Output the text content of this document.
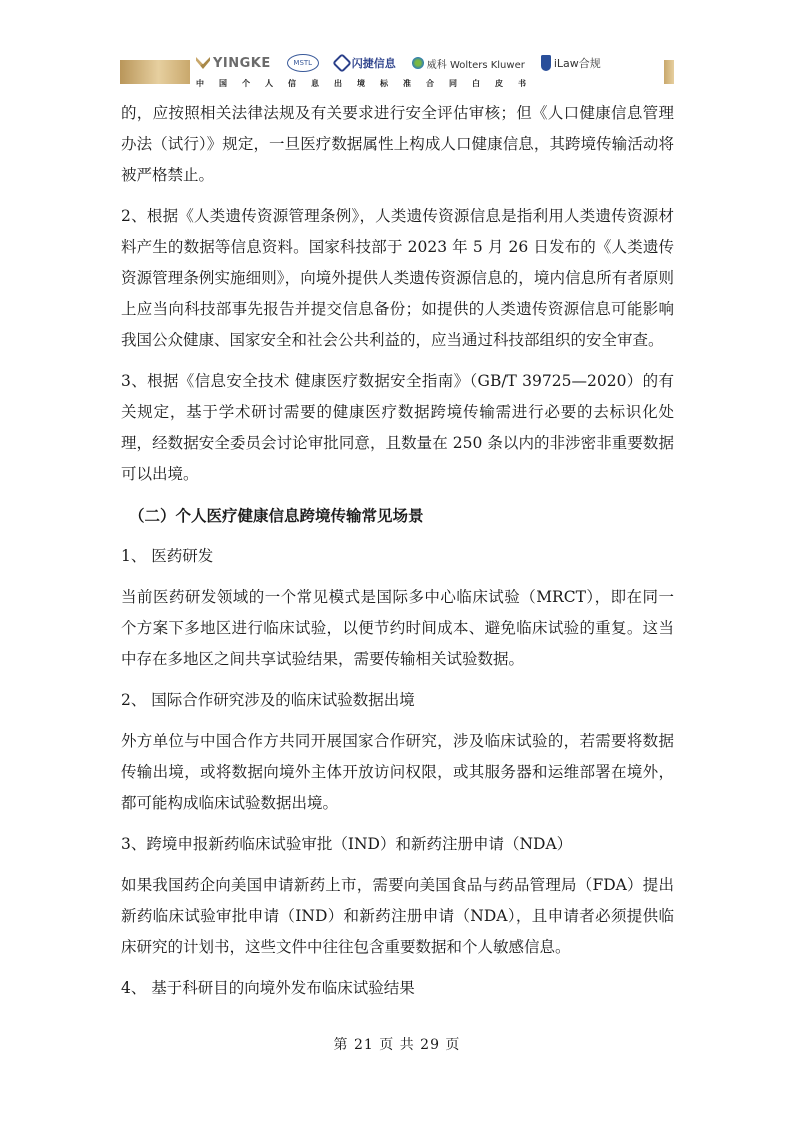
YINGKE	MSTL	闪捷信息	威科 Wolters Kluwer	iLaw合规
中国个人信息出境标准合同白皮书

的，应按照相关法律法规及有关要求进行安全评估审核；但《人口健康信息管理办法（试行）》规定，一旦医疗数据属性上构成人口健康信息，其跨境传输活动将被严格禁止。

2、根据《人类遗传资源管理条例》，人类遗传资源信息是指利用人类遗传资源材料产生的数据等信息资料。国家科技部于 2023 年 5 月 26 日发布的《人类遗传资源管理条例实施细则》，向境外提供人类遗传资源信息的，境内信息所有者原则上应当向科技部事先报告并提交信息备份；如提供的人类遗传资源信息可能影响我国公众健康、国家安全和社会公共利益的，应当通过科技部组织的安全审查。

3、根据《信息安全技术 健康医疗数据安全指南》（GB/T 39725—2020）的有关规定，基于学术研讨需要的健康医疗数据跨境传输需进行必要的去标识化处理，经数据安全委员会讨论审批同意，且数量在 250 条以内的非涉密非重要数据可以出境。

（二）个人医疗健康信息跨境传输常见场景

1、 医药研发

当前医药研发领域的一个常见模式是国际多中心临床试验（MRCT），即在同一个方案下多地区进行临床试验，以便节约时间成本、避免临床试验的重复。这当中存在多地区之间共享试验结果，需要传输相关试验数据。

2、 国际合作研究涉及的临床试验数据出境

外方单位与中国合作方共同开展国家合作研究，涉及临床试验的，若需要将数据传输出境，或将数据向境外主体开放访问权限，或其服务器和运维部署在境外，都可能构成临床试验数据出境。

3、跨境申报新药临床试验审批（IND）和新药注册申请（NDA）

如果我国药企向美国申请新药上市，需要向美国食品与药品管理局（FDA）提出新药临床试验审批申请（IND）和新药注册申请（NDA），且申请者必须提供临床研究的计划书，这些文件中往往包含重要数据和个人敏感信息。

4、 基于科研目的向境外发布临床试验结果

第 21 页 共 29 页
